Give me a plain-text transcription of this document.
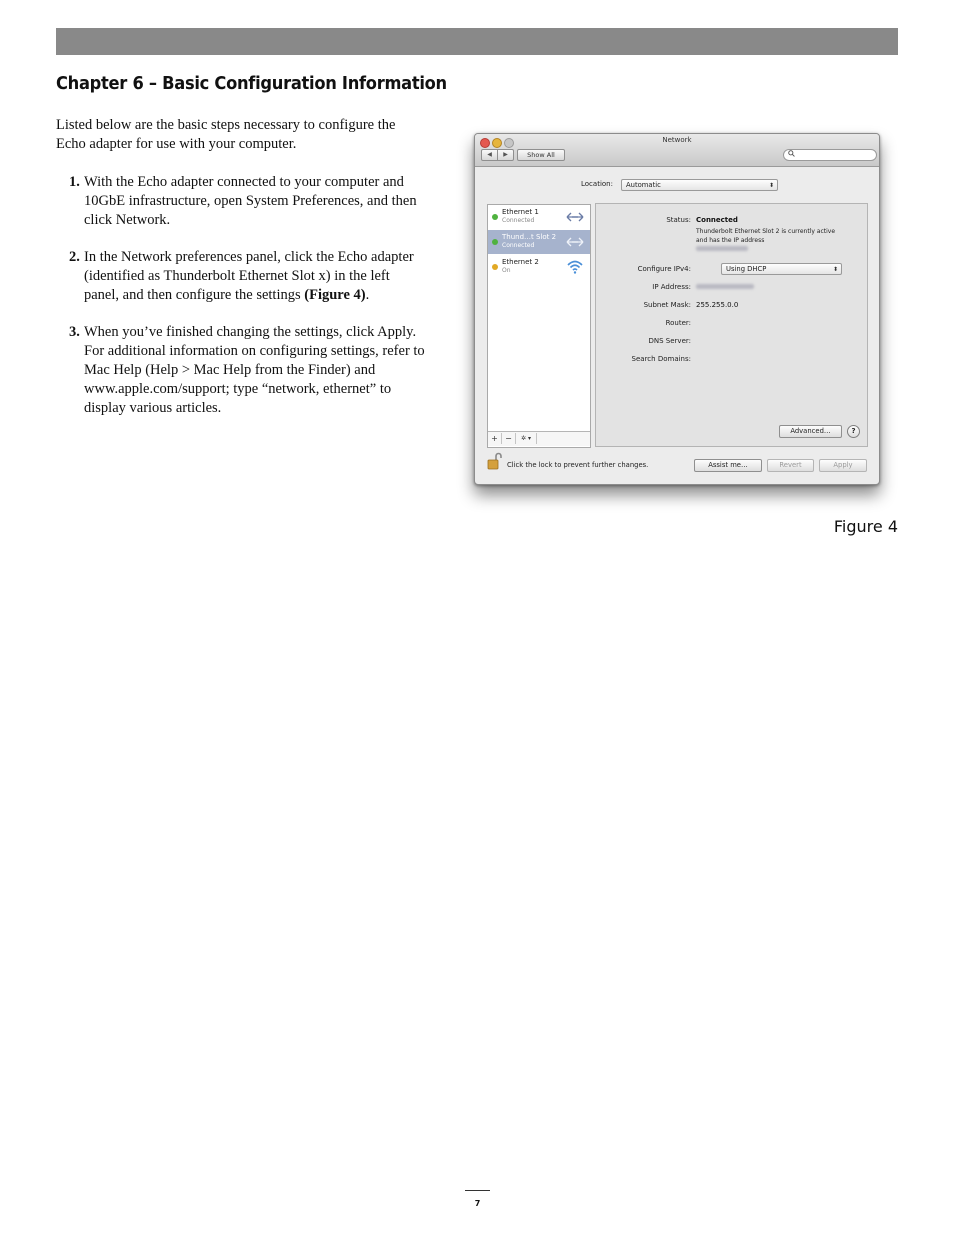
Chapter 6 – Basic Configuration Information

Listed below are the basic steps necessary to configure the Echo adapter for use with your computer.

1. With the Echo adapter connected to your computer and 10GbE infrastructure, open System Preferences, and then click Network.
2. In the Network preferences panel, click the Echo adapter (identified as Thunderbolt Ethernet Slot x) in the left panel, and then configure the settings (Figure 4).
3. When you’ve finished changing the settings, click Apply. For additional information on configuring settings, refer to Mac Help (Help > Mac Help from the Finder) and www.apple.com/support; type “network, ethernet” to display various articles.
Network
◀	▶	Show All
Location:	Automatic	⬍
Ethernet 1
Connected
Thund…t Slot 2
Connected
Ethernet 2
On
+ −	✲ ▾
Status: Connected
Thunderbolt Ethernet Slot 2 is currently active and has the IP address
Configure IPv4:	Using DHCP	⬍
IP Address:
Subnet Mask: 255.255.0.0
Router:
DNS Server:
Search Domains:
Advanced…	?
Click the lock to prevent further changes.	Assist me…	Revert	Apply
Figure 4
7
